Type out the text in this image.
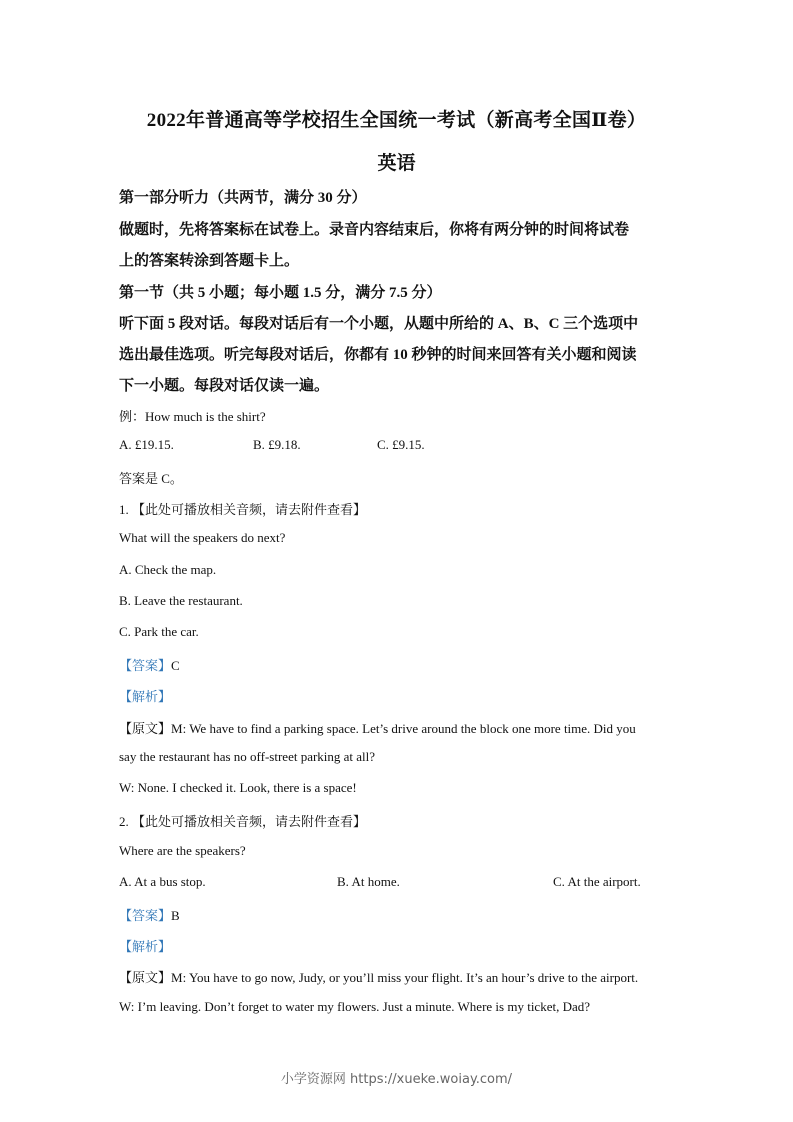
2022年普通高等学校招生全国统一考试（新高考全国Ⅱ卷）
英语
第一部分听力（共两节，满分 30 分）
做题时，先将答案标在试卷上。录音内容结束后，你将有两分钟的时间将试卷
上的答案转涂到答题卡上。
第一节（共 5 小题；每小题 1.5 分，满分 7.5 分）
听下面 5 段对话。每段对话后有一个小题，从题中所给的 A、B、C 三个选项中
选出最佳选项。听完每段对话后，你都有 10 秒钟的时间来回答有关小题和阅读
下一小题。每段对话仅读一遍。
例：How much is the shirt?
A. £19.15.	B. £9.18.	C. £9.15.
答案是 C。
1. 【此处可播放相关音频，请去附件查看】
What will the speakers do next?
A. Check the map.
B. Leave the restaurant.
C. Park the car.
【答案】C
【解析】
【原文】M: We have to find a parking space. Let’s drive around the block one more time. Did you
say the restaurant has no off-street parking at all?
W: None. I checked it. Look, there is a space!
2. 【此处可播放相关音频，请去附件查看】
Where are the speakers?
A. At a bus stop.	B. At home.	C. At the airport.
【答案】B
【解析】
【原文】M: You have to go now, Judy, or you’ll miss your flight. It’s an hour’s drive to the airport.
W: I’m leaving. Don’t forget to water my flowers. Just a minute. Where is my ticket, Dad?
小学资源网 https://xueke.woiay.com/
